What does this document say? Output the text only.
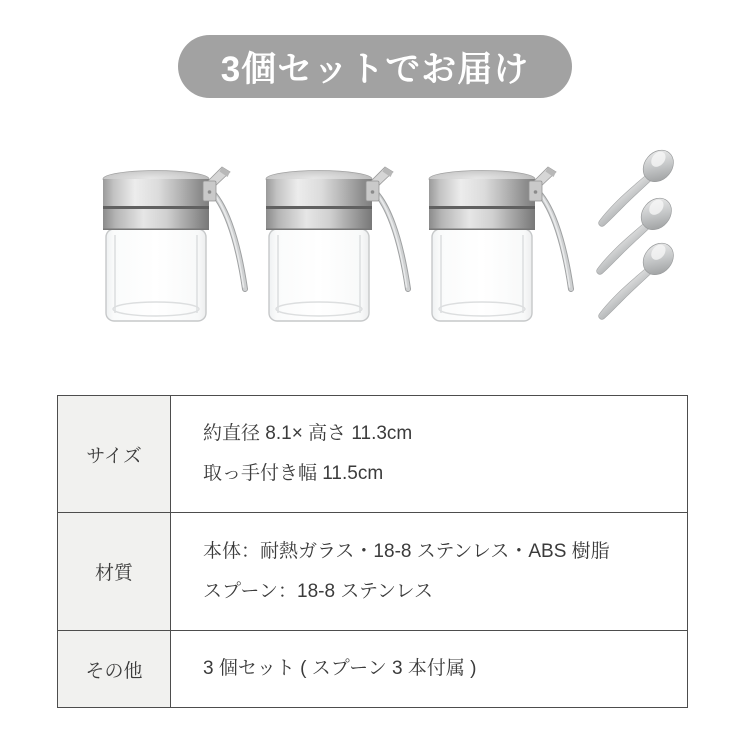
3個セットでお届け
サイズ	約直径 8.1× 高さ 11.3cm
取っ手付き幅 11.5cm

材質	本体：耐熱ガラス・18-8 ステンレス・ABS 樹脂
スプーン：18-8 ステンレス

その他	3 個セット ( スプーン 3 本付属 )
